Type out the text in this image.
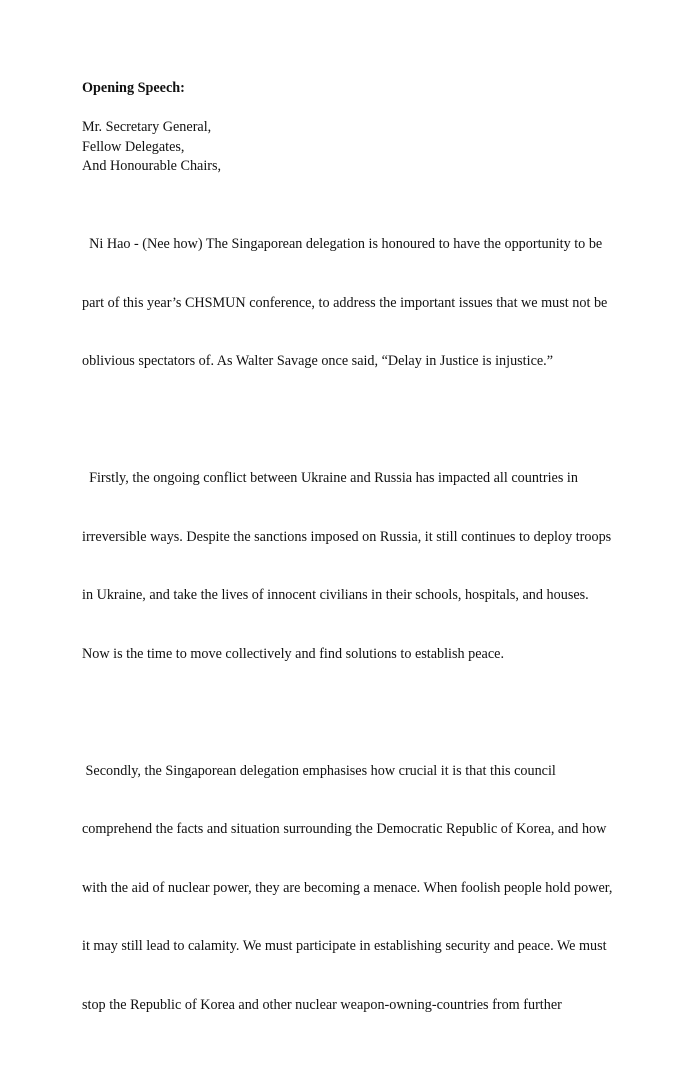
Opening Speech:
Mr. Secretary General,
Fellow Delegates,
And Honourable Chairs,

Ni Hao - (Nee how) The Singaporean delegation is honoured to have the opportunity to be

part of this year’s CHSMUN conference, to address the important issues that we must not be

oblivious spectators of. As Walter Savage once said, “Delay in Justice is injustice.”

Firstly, the ongoing conflict between Ukraine and Russia has impacted all countries in

irreversible ways. Despite the sanctions imposed on Russia, it still continues to deploy troops

in Ukraine, and take the lives of innocent civilians in their schools, hospitals, and houses.

Now is the time to move collectively and find solutions to establish peace.

Secondly, the Singaporean delegation emphasises how crucial it is that this council

comprehend the facts and situation surrounding the Democratic Republic of Korea, and how

with the aid of nuclear power, they are becoming a menace. When foolish people hold power,

it may still lead to calamity. We must participate in establishing security and peace. We must

stop the Republic of Korea and other nuclear weapon-owning-countries from further
